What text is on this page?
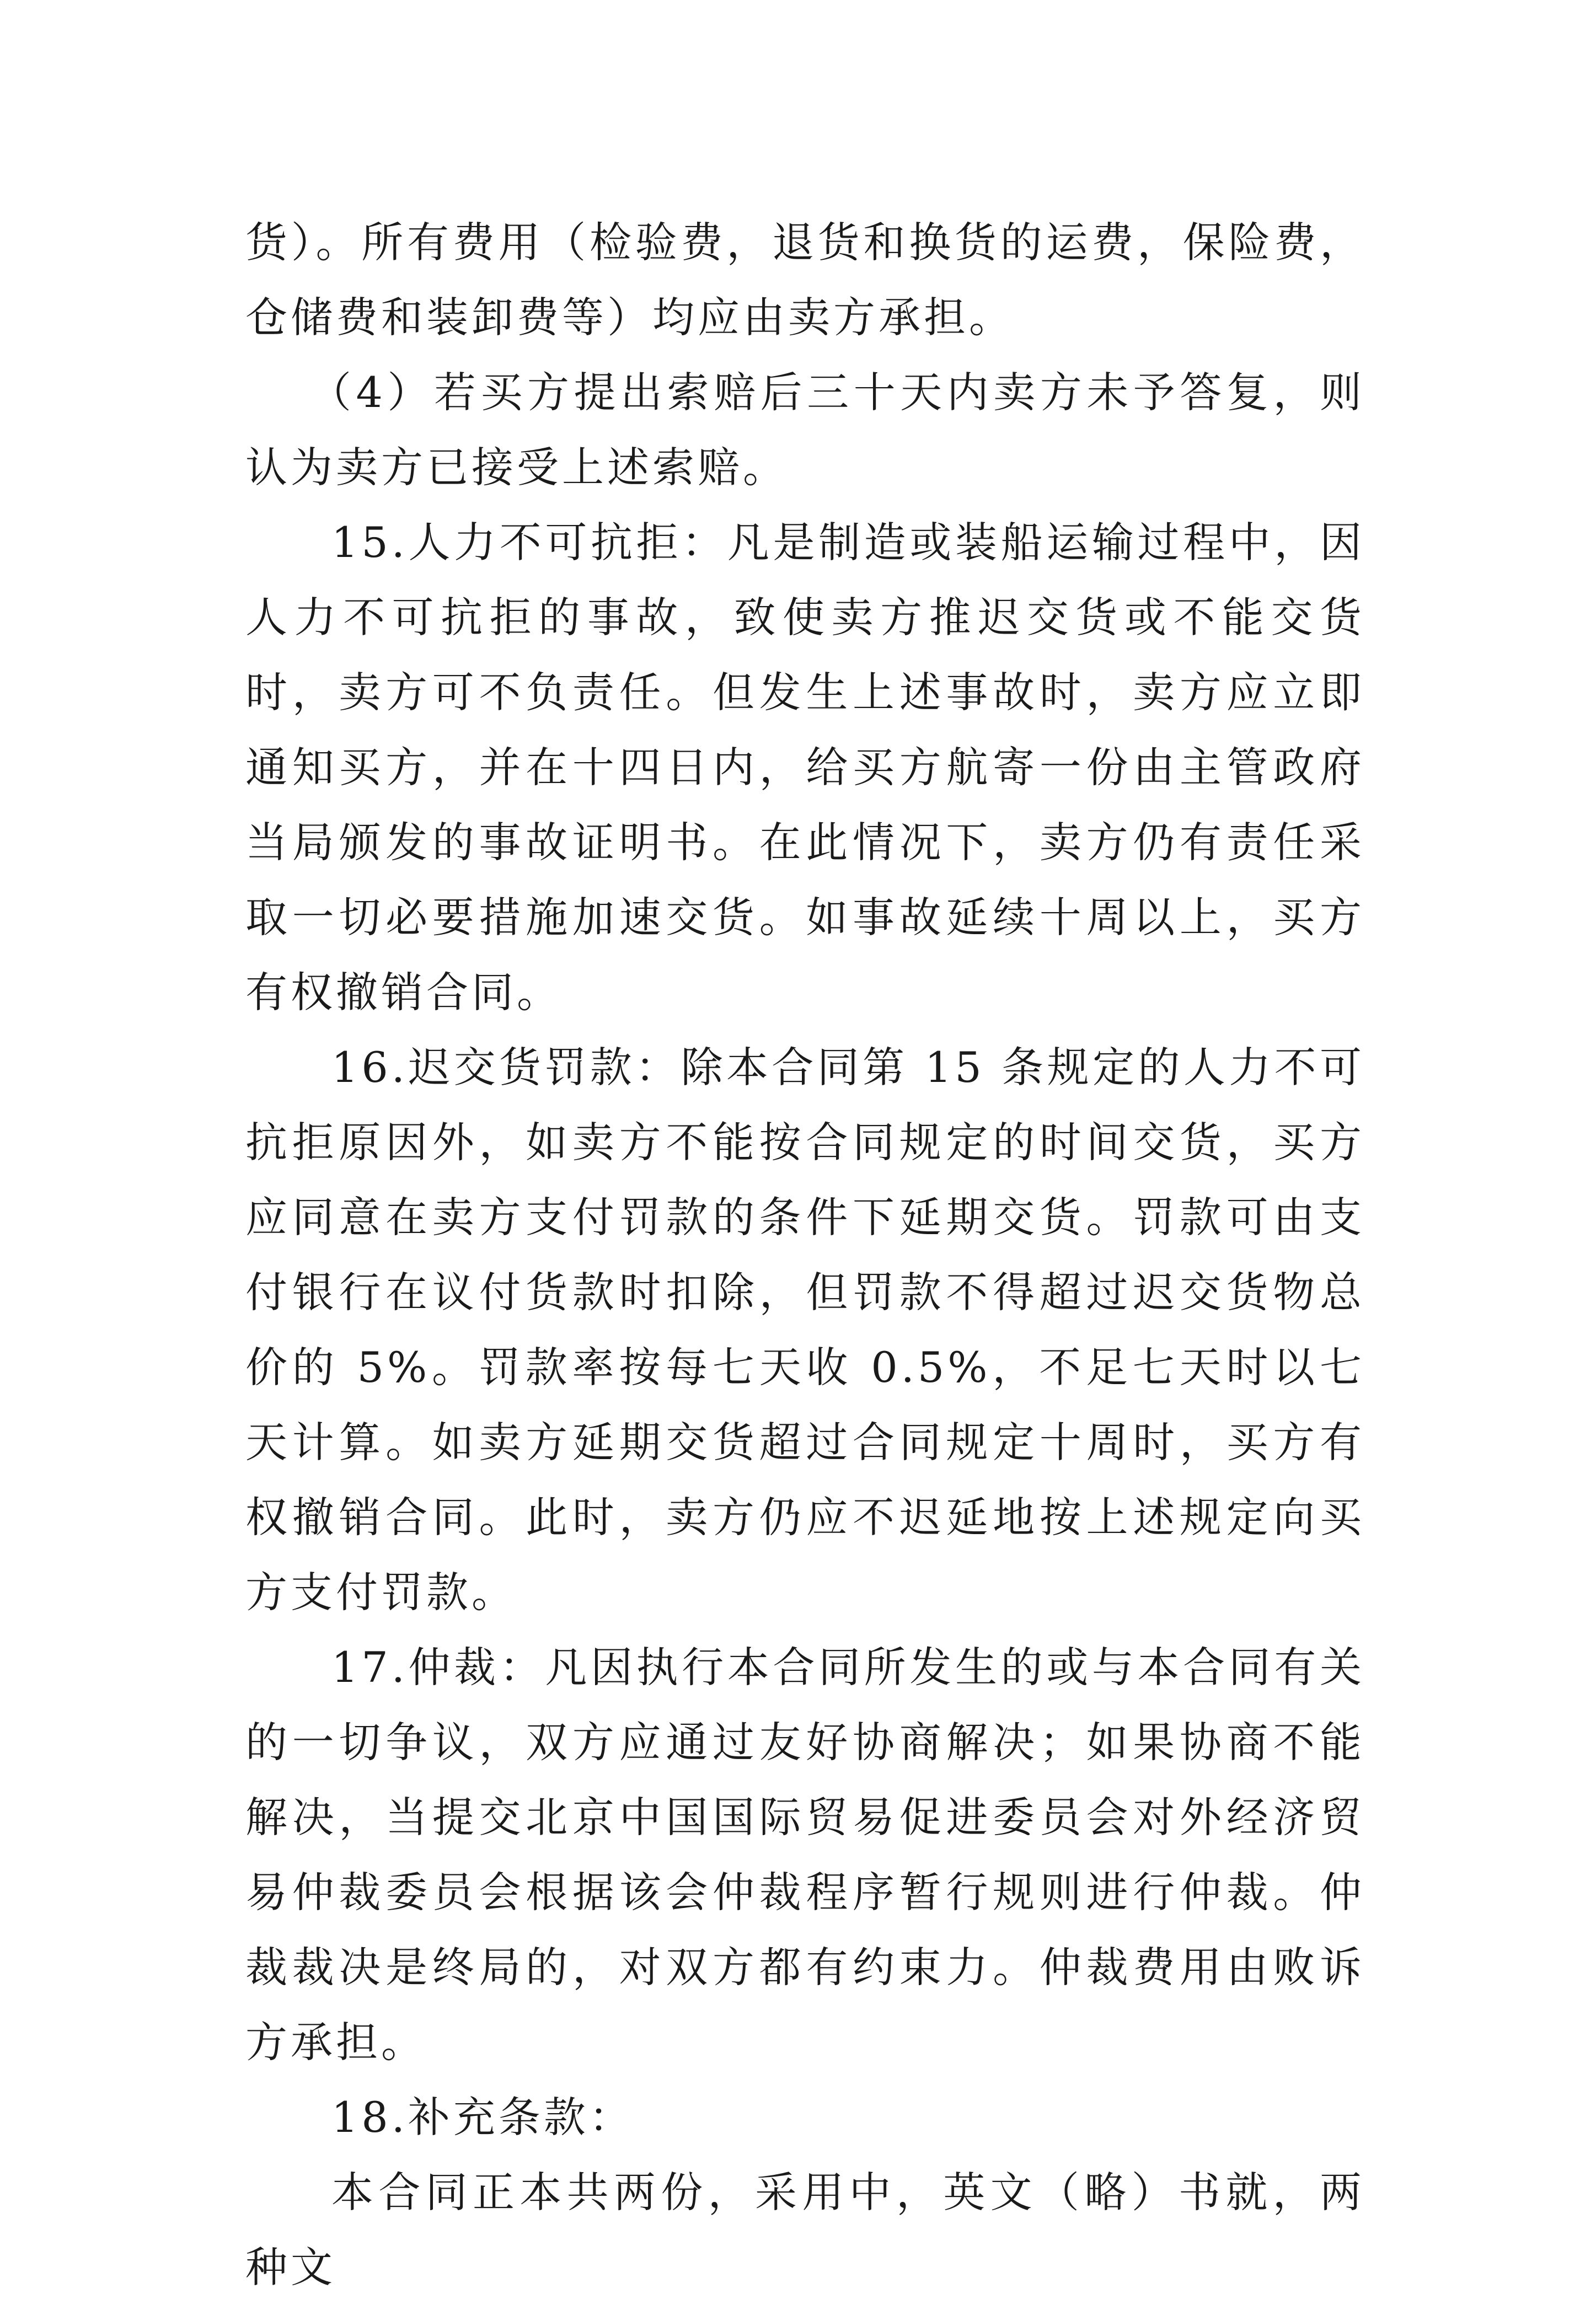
货）。所有费用（检验费，退货和换货的运费，保险费，仓储费和装卸费等）均应由卖方承担。

（4）若买方提出索赔后三十天内卖方未予答复，则认为卖方已接受上述索赔。

15.人力不可抗拒：凡是制造或装船运输过程中，因人力不可抗拒的事故，致使卖方推迟交货或不能交货时，卖方可不负责任。但发生上述事故时，卖方应立即通知买方，并在十四日内，给买方航寄一份由主管政府当局颁发的事故证明书。在此情况下，卖方仍有责任采取一切必要措施加速交货。如事故延续十周以上，买方有权撤销合同。

16.迟交货罚款：除本合同第 15 条规定的人力不可抗拒原因外，如卖方不能按合同规定的时间交货，买方应同意在卖方支付罚款的条件下延期交货。罚款可由支付银行在议付货款时扣除，但罚款不得超过迟交货物总价的 5%。罚款率按每七天收 0.5%，不足七天时以七天计算。如卖方延期交货超过合同规定十周时，买方有权撤销合同。此时，卖方仍应不迟延地按上述规定向买方支付罚款。

17.仲裁：凡因执行本合同所发生的或与本合同有关的一切争议，双方应通过友好协商解决；如果协商不能解决，当提交北京中国国际贸易促进委员会对外经济贸易仲裁委员会根据该会仲裁程序暂行规则进行仲裁。仲裁裁决是终局的，对双方都有约束力。仲裁费用由败诉方承担。

18.补充条款：

本合同正本共两份，采用中，英文（略）书就，两种文
